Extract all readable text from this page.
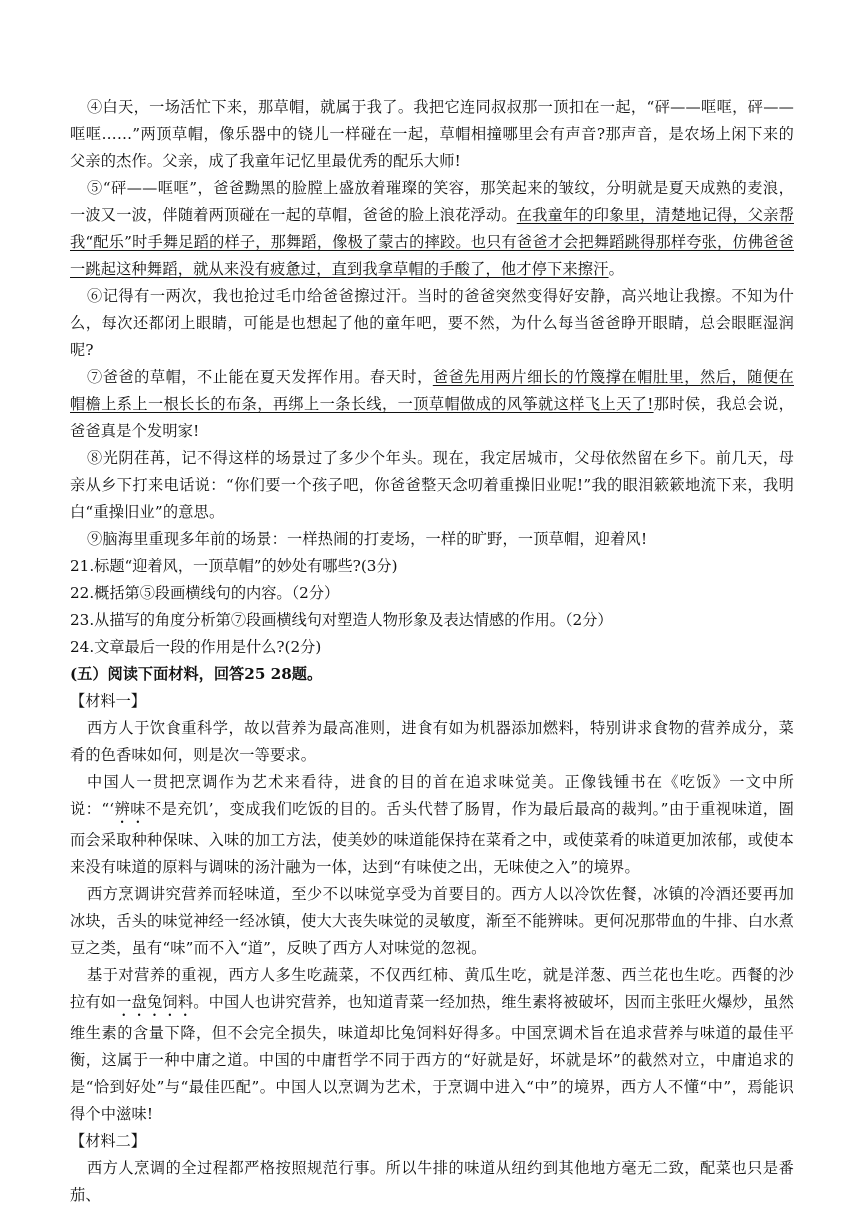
④白天，一场活忙下来，那草帽，就属于我了。我把它连同叔叔那一顶扣在一起，“砰——哐哐，砰——哐哐……”两顶草帽，像乐器中的铙儿一样碰在一起，草帽相撞哪里会有声音?那声音，是农场上闲下来的父亲的杰作。父亲，成了我童年记忆里最优秀的配乐大师!

⑤“砰——哐哐”，爸爸黝黑的脸膛上盛放着璀璨的笑容，那笑起来的皱纹，分明就是夏天成熟的麦浪，一波又一波，伴随着两顶碰在一起的草帽，爸爸的脸上浪花浮动。在我童年的印象里，清楚地记得，父亲帮我“配乐”时手舞足蹈的样子，那舞蹈，像极了蒙古的摔跤。也只有爸爸才会把舞蹈跳得那样夸张，仿佛爸爸一跳起这种舞蹈，就从来没有疲惫过，直到我拿草帽的手酸了，他才停下来擦汗。

⑥记得有一两次，我也抢过毛巾给爸爸擦过汗。当时的爸爸突然变得好安静，高兴地让我擦。不知为什么，每次还都闭上眼睛，可能是也想起了他的童年吧，要不然，为什么每当爸爸睁开眼睛，总会眼眶湿润呢?

⑦爸爸的草帽，不止能在夏天发挥作用。春天时，爸爸先用两片细长的竹篾撑在帽肚里，然后，随便在帽檐上系上一根长长的布条，再绑上一条长线，一顶草帽做成的风筝就这样飞上天了!那时侯，我总会说，爸爸真是个发明家!

⑧光阴荏苒，记不得这样的场景过了多少个年头。现在，我定居城市，父母依然留在乡下。前几天，母亲从乡下打来电话说：“你们要一个孩子吧，你爸爸整天念叨着重操旧业呢!”我的眼泪簌簌地流下来，我明白“重操旧业”的意思。

⑨脑海里重现多年前的场景：一样热闹的打麦场，一样的旷野，一顶草帽，迎着风!

21.标题“迎着风，一顶草帽”的妙处有哪些?(3分)

22.概括第⑤段画横线句的内容。（2分）

23.从描写的角度分析第⑦段画横线句对塑造人物形象及表达情感的作用。（2分）

24.文章最后一段的作用是什么?(2分)

(五）阅读下面材料，回答25 28题。

【材料一】

西方人于饮食重科学，故以营养为最高准则，进食有如为机器添加燃料，特别讲求食物的营养成分，菜肴的色香味如何，则是次一等要求。

中国人一贯把烹调作为艺术来看待，进食的目的首在追求味觉美。正像钱锺书在《吃饭》一文中所说：“‘辨味不是充饥’，变成我们吃饭的目的。舌头代替了肠胃，作为最后最高的裁判。”由于重视味道，圄而会采取种种保味、入味的加工方法，使美妙的味道能保持在菜肴之中，或使菜肴的味道更加浓郁，或使本来没有味道的原料与调味的汤汁融为一体，达到“有味使之出，无味使之入”的境界。

西方烹调讲究营养而轻味道，至少不以味觉享受为首要目的。西方人以冷饮佐餐，冰镇的冷酒还要再加冰块，舌头的味觉神经一经冰镇，使大大丧失味觉的灵敏度，渐至不能辨味。更何况那带血的牛排、白水煮豆之类，虽有“味”而不入“道”，反映了西方人对味觉的忽视。

基于对营养的重视，西方人多生吃蔬菜，不仅西红柿、黄瓜生吃，就是洋葱、西兰花也生吃。西餐的沙拉有如一盘兔饲料。中国人也讲究营养，也知道青菜一经加热，维生素将被破坏，因而主张旺火爆炒，虽然维生素的含量下降，但不会完全损失，味道却比兔饲料好得多。中国烹调术旨在追求营养与味道的最佳平衡，这属于一种中庸之道。中国的中庸哲学不同于西方的“好就是好，坏就是坏”的截然对立，中庸追求的是“恰到好处”与“最佳匹配”。中国人以烹调为艺术，于烹调中进入“中”的境界，西方人不懂“中”，焉能识得个中滋味!

【材料二】

西方人烹调的全过程都严格按照规范行事。所以牛排的味道从纽约到其他地方毫无二致，配菜也只是番茄、
